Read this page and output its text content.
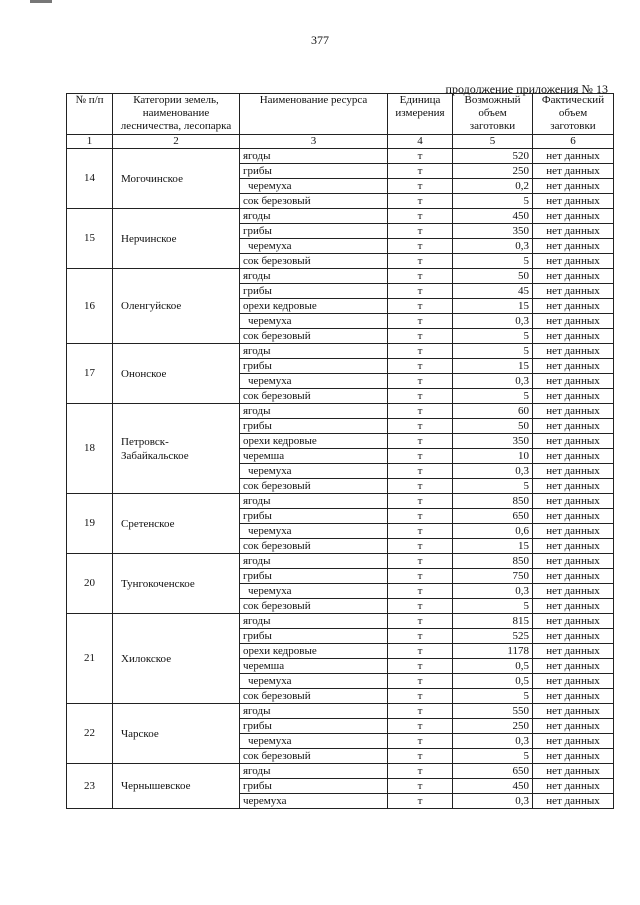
377
продолжение приложения № 13
№ п/п	Категории земель, наименование лесничества, лесопарка	Наименование ресурса	Единица измерения	Возможный объем заготовки	Фактический объем заготовки
1	2	3	4	5	6
14	Могочинское	ягоды	т	520	нет данных
		грибы	т	250	нет данных
		черемуха	т	0,2	нет данных
		сок березовый	т	5	нет данных
15	Нерчинское	ягоды	т	450	нет данных
		грибы	т	350	нет данных
		черемуха	т	0,3	нет данных
		сок березовый	т	5	нет данных
16	Оленгуйское	ягоды	т	50	нет данных
		грибы	т	45	нет данных
		орехи кедровые	т	15	нет данных
		черемуха	т	0,3	нет данных
		сок березовый	т	5	нет данных
17	Ононское	ягоды	т	5	нет данных
		грибы	т	15	нет данных
		черемуха	т	0,3	нет данных
		сок березовый	т	5	нет данных
18	Петровск-Забайкальское	ягоды	т	60	нет данных
		грибы	т	50	нет данных
		орехи кедровые	т	350	нет данных
		черемша	т	10	нет данных
		черемуха	т	0,3	нет данных
		сок березовый	т	5	нет данных
19	Сретенское	ягоды	т	850	нет данных
		грибы	т	650	нет данных
		черемуха	т	0,6	нет данных
		сок березовый	т	15	нет данных
20	Тунгокоченское	ягоды	т	850	нет данных
		грибы	т	750	нет данных
		черемуха	т	0,3	нет данных
		сок березовый	т	5	нет данных
21	Хилокское	ягоды	т	815	нет данных
		грибы	т	525	нет данных
		орехи кедровые	т	1178	нет данных
		черемша	т	0,5	нет данных
		черемуха	т	0,5	нет данных
		сок березовый	т	5	нет данных
22	Чарское	ягоды	т	550	нет данных
		грибы	т	250	нет данных
		черемуха	т	0,3	нет данных
		сок березовый	т	5	нет данных
23	Чернышевское	ягоды	т	650	нет данных
		грибы	т	450	нет данных
		черемуха	т	0,3	нет данных
